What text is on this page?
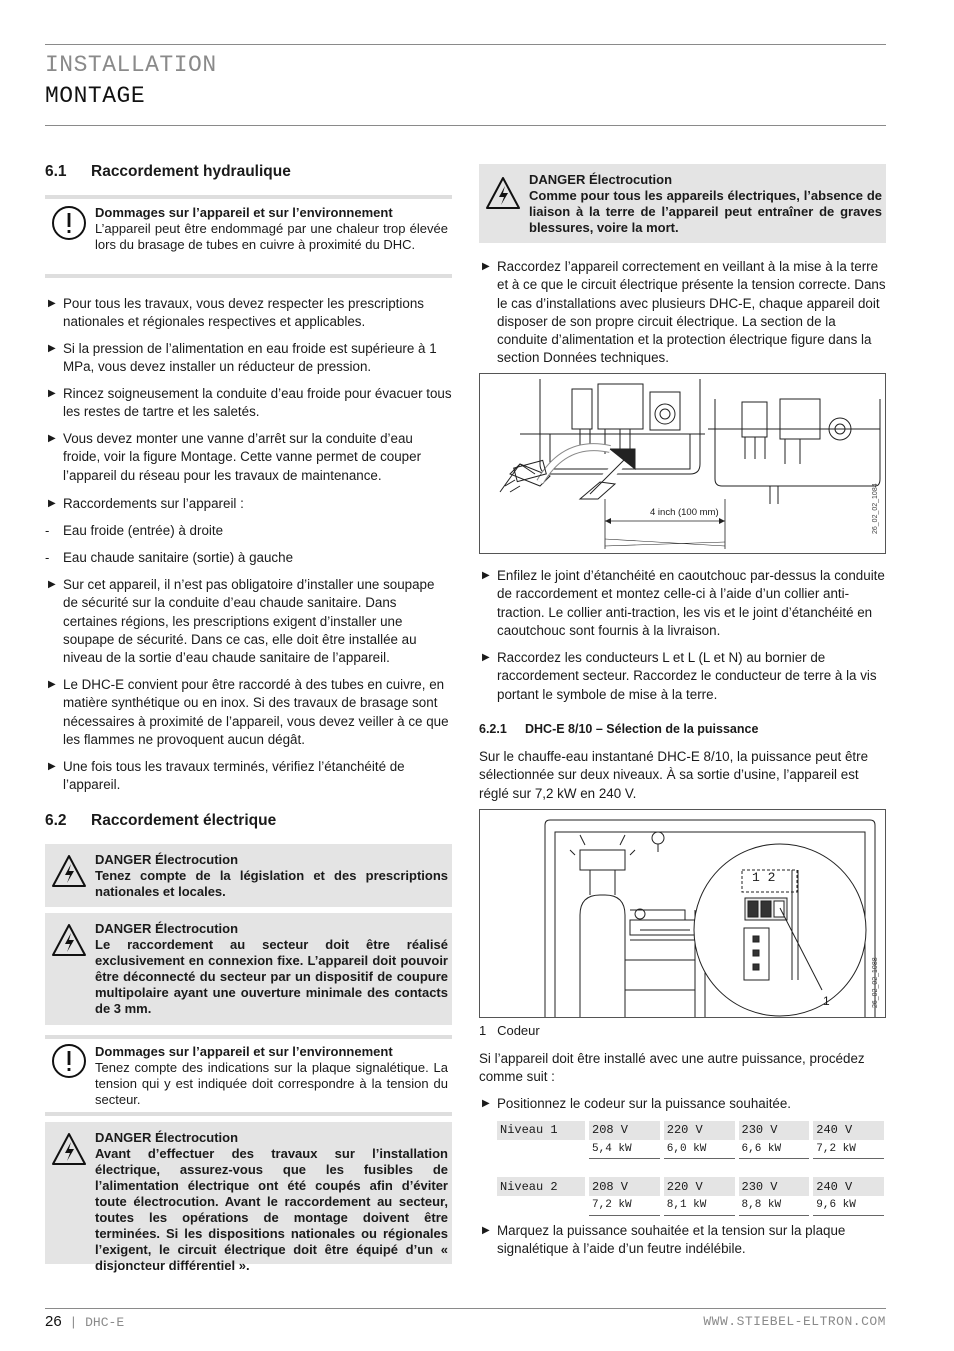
INSTALLATION
MONTAGE
6.1 Raccordement hydraulique
Dommages sur l’appareil et sur l’environnement
L’appareil peut être endommagé par une chaleur trop élevée lors du brasage de tubes en cuivre à proximité du DHC.
▶ Pour tous les travaux, vous devez respecter les prescriptions nationales et régionales respectives et applicables.
▶ Si la pression de l’alimentation en eau froide est supérieure à 1 MPa, vous devez installer un réducteur de pression.
▶ Rincez soigneusement la conduite d’eau froide pour évacuer tous les restes de tartre et les saletés.
▶ Vous devez monter une vanne d’arrêt sur la conduite d’eau froide, voir la figure Montage. Cette vanne permet de couper l’appareil du réseau pour les travaux de maintenance.
▶ Raccordements sur l’appareil :
-	Eau froide (entrée) à droite
-	Eau chaude sanitaire (sortie) à gauche
▶ Sur cet appareil, il n’est pas obligatoire d’installer une soupape de sécurité sur la conduite d’eau chaude sanitaire. Dans certaines régions, les prescriptions exigent d’installer une soupape de sécurité. Dans ce cas, elle doit être installée au niveau de la sortie d’eau chaude sanitaire de l’appareil.
▶ Le DHC-E convient pour être raccordé à des tubes en cuivre, en matière synthétique ou en inox. Si des travaux de brasage sont nécessaires à proximité de l’appareil, vous devez veiller à ce que les flammes ne provoquent aucun dégât.
▶ Une fois tous les travaux terminés, vérifiez l’étanchéité de l’appareil.
6.2 Raccordement électrique
DANGER Électrocution
Tenez compte de la législation et des prescriptions nationales et locales.
DANGER Électrocution
Le raccordement au secteur doit être réalisé exclusivement en connexion fixe. L’appareil doit pouvoir être déconnecté du secteur par un dispositif de coupure multipolaire ayant une ouverture minimale des contacts de 3 mm.
Dommages sur l’appareil et sur l’environnement
Tenez compte des indications sur la plaque signalétique. La tension qui y est indiquée doit correspondre à la tension du secteur.
DANGER Électrocution
Avant d’effectuer des travaux sur l’installation électrique, assurez-vous que les fusibles de l’alimentation électrique ont été coupés afin d’éviter toute électrocution. Avant le raccordement au secteur, toutes les opérations de montage doivent être terminées. Si les dispositions nationales ou régionales l’exigent, le circuit électrique doit être équipé d’un « disjoncteur différentiel ».
DANGER Électrocution
Comme pour tous les appareils électriques, l’absence de liaison à la terre de l’appareil peut entraîner de graves blessures, voire la mort.
▶ Raccordez l’appareil correctement en veillant à la mise à la terre et à ce que le circuit électrique présente la tension correcte. Dans le cas d’installations avec plusieurs DHC-E, chaque appareil doit disposer de son propre circuit électrique. La section de la conduite d’alimentation et la protection électrique figure dans la section Données techniques.
4 inch (100 mm)	26_02_02_1084
▶ Enfilez le joint d’étanchéité en caoutchouc par-dessus la conduite de raccordement et montez celle-ci à l’aide d’un collier anti-traction. Le collier anti-traction, les vis et le joint d’étanchéité en caoutchouc sont fournis à la livraison.
▶ Raccordez les conducteurs L et L (L et N) au bornier de raccordement secteur. Raccordez le conducteur de terre à la vis portant le symbole de mise à la terre.
6.2.1 DHC-E 8/10 – Sélection de la puissance
Sur le chauffe-eau instantané DHC-E 8/10, la puissance peut être sélectionnée sur deux niveaux. À sa sortie d’usine, l’appareil est réglé sur 7,2 kW en 240 V.
1 2
1	26_02_02_1088
1 Codeur
Si l’appareil doit être installé avec une autre puissance, procédez comme suit :
▶ Positionnez le codeur sur la puissance souhaitée.
Niveau 1		208 V		220 V		230 V		240 V
		5,4 kW		6,0 kW		6,6 kW		7,2 kW

Niveau 2		208 V		220 V		230 V		240 V
		7,2 kW		8,1 kW		8,8 kW		9,6 kW
▶ Marquez la puissance souhaitée et la tension sur la plaque signalétique à l’aide d’un feutre indélébile.
26 | DHC-E	WWW.STIEBEL-ELTRON.COM
